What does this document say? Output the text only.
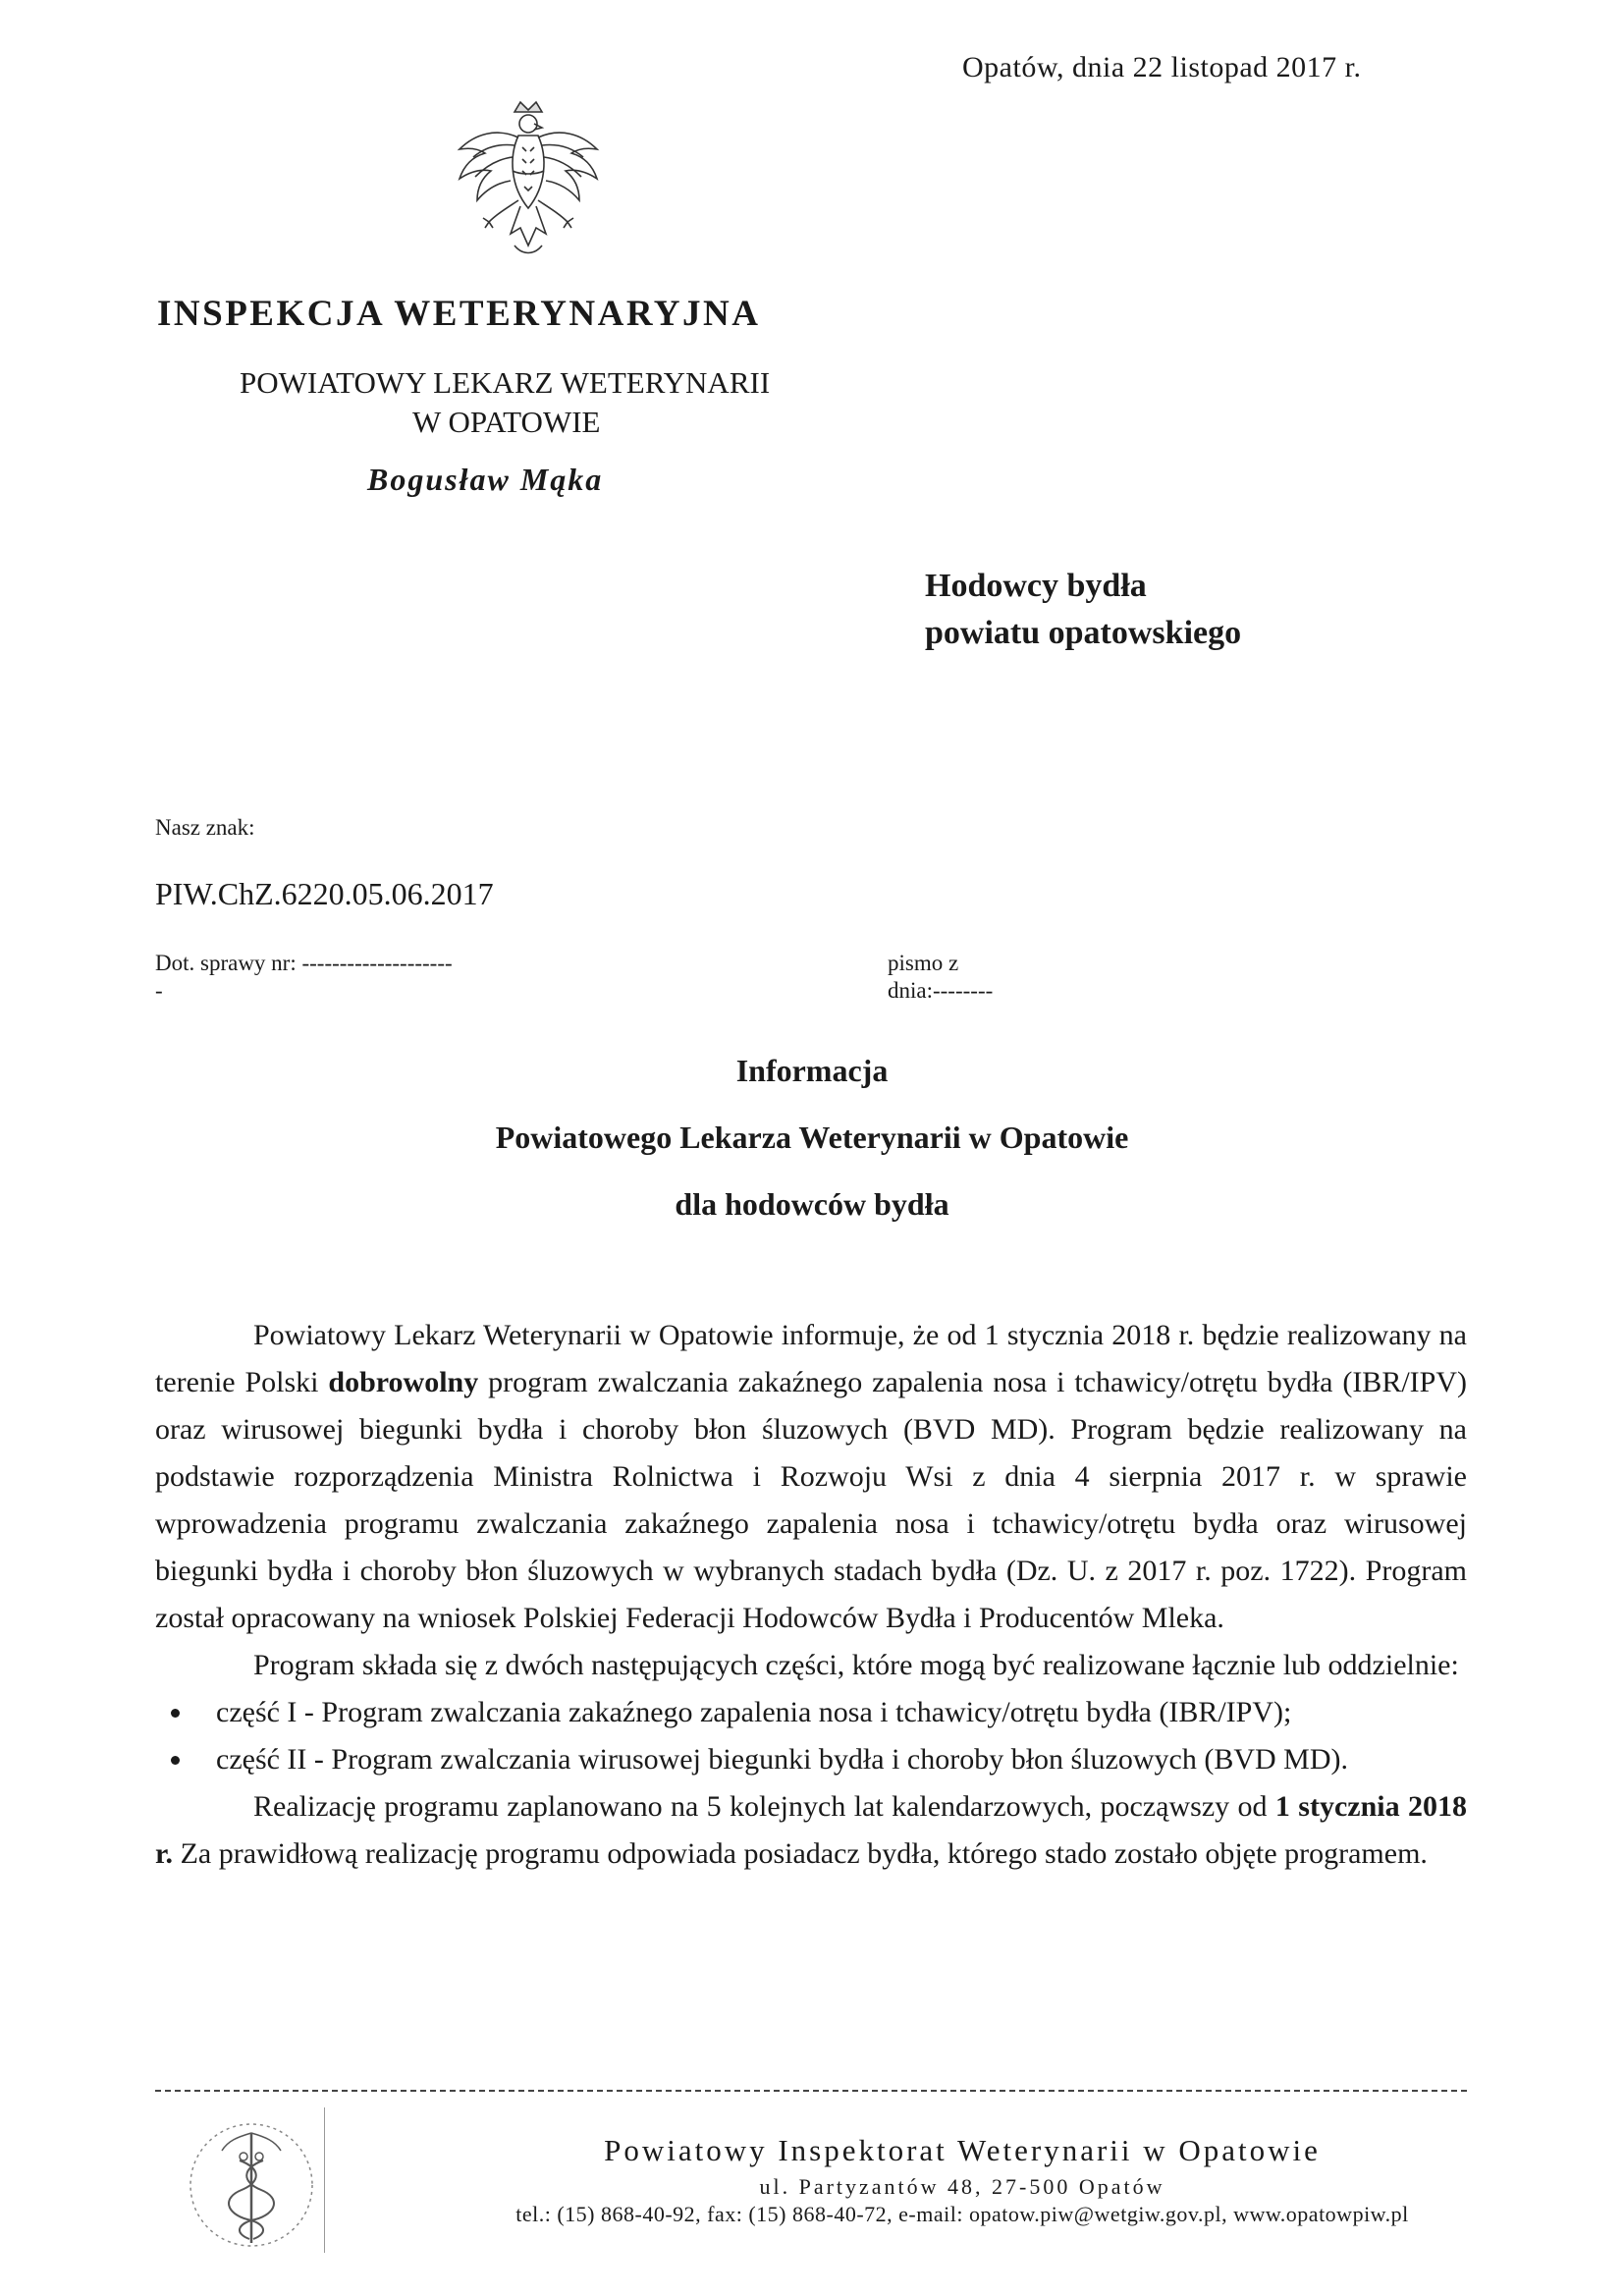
Opatów, dnia 22 listopad 2017 r.
INSPEKCJA WETERYNARYJNA
POWIATOWY LEKARZ WETERYNARII
W OPATOWIE
Bogusław Mąka
Hodowcy bydła
powiatu opatowskiego
Nasz znak:
PIW.ChZ.6220.05.06.2017
Dot. sprawy nr: --------------------
-
pismo z
dnia:--------
Informacja
Powiatowego Lekarza Weterynarii w Opatowie
dla hodowców bydła

Powiatowy Lekarz Weterynarii w Opatowie informuje, że od 1 stycznia 2018 r. będzie realizowany na terenie Polski dobrowolny program zwalczania zakaźnego zapalenia nosa i tchawicy/otrętu bydła (IBR/IPV) oraz wirusowej biegunki bydła i choroby błon śluzowych (BVD MD). Program będzie realizowany na podstawie rozporządzenia Ministra Rolnictwa i Rozwoju Wsi z dnia 4 sierpnia 2017 r. w sprawie wprowadzenia programu zwalczania zakaźnego zapalenia nosa i tchawicy/otrętu bydła oraz wirusowej biegunki bydła i choroby błon śluzowych w wybranych stadach bydła (Dz. U. z 2017 r. poz. 1722). Program został opracowany na wniosek Polskiej Federacji Hodowców Bydła i Producentów Mleka.

Program składa się z dwóch następujących części, które mogą być realizowane łącznie lub oddzielnie:

część I - Program zwalczania zakaźnego zapalenia nosa i tchawicy/otrętu bydła (IBR/IPV);
część II - Program zwalczania wirusowej biegunki bydła i choroby błon śluzowych (BVD MD).

Realizację programu zaplanowano na 5 kolejnych lat kalendarzowych, począwszy od 1 stycznia 2018 r. Za prawidłową realizację programu odpowiada posiadacz bydła, którego stado zostało objęte programem.

Powiatowy Inspektorat Weterynarii w Opatowie
ul. Partyzantów 48, 27-500 Opatów
tel.: (15) 868-40-92, fax: (15) 868-40-72, e-mail: opatow.piw@wetgiw.gov.pl, www.opatowpiw.pl
